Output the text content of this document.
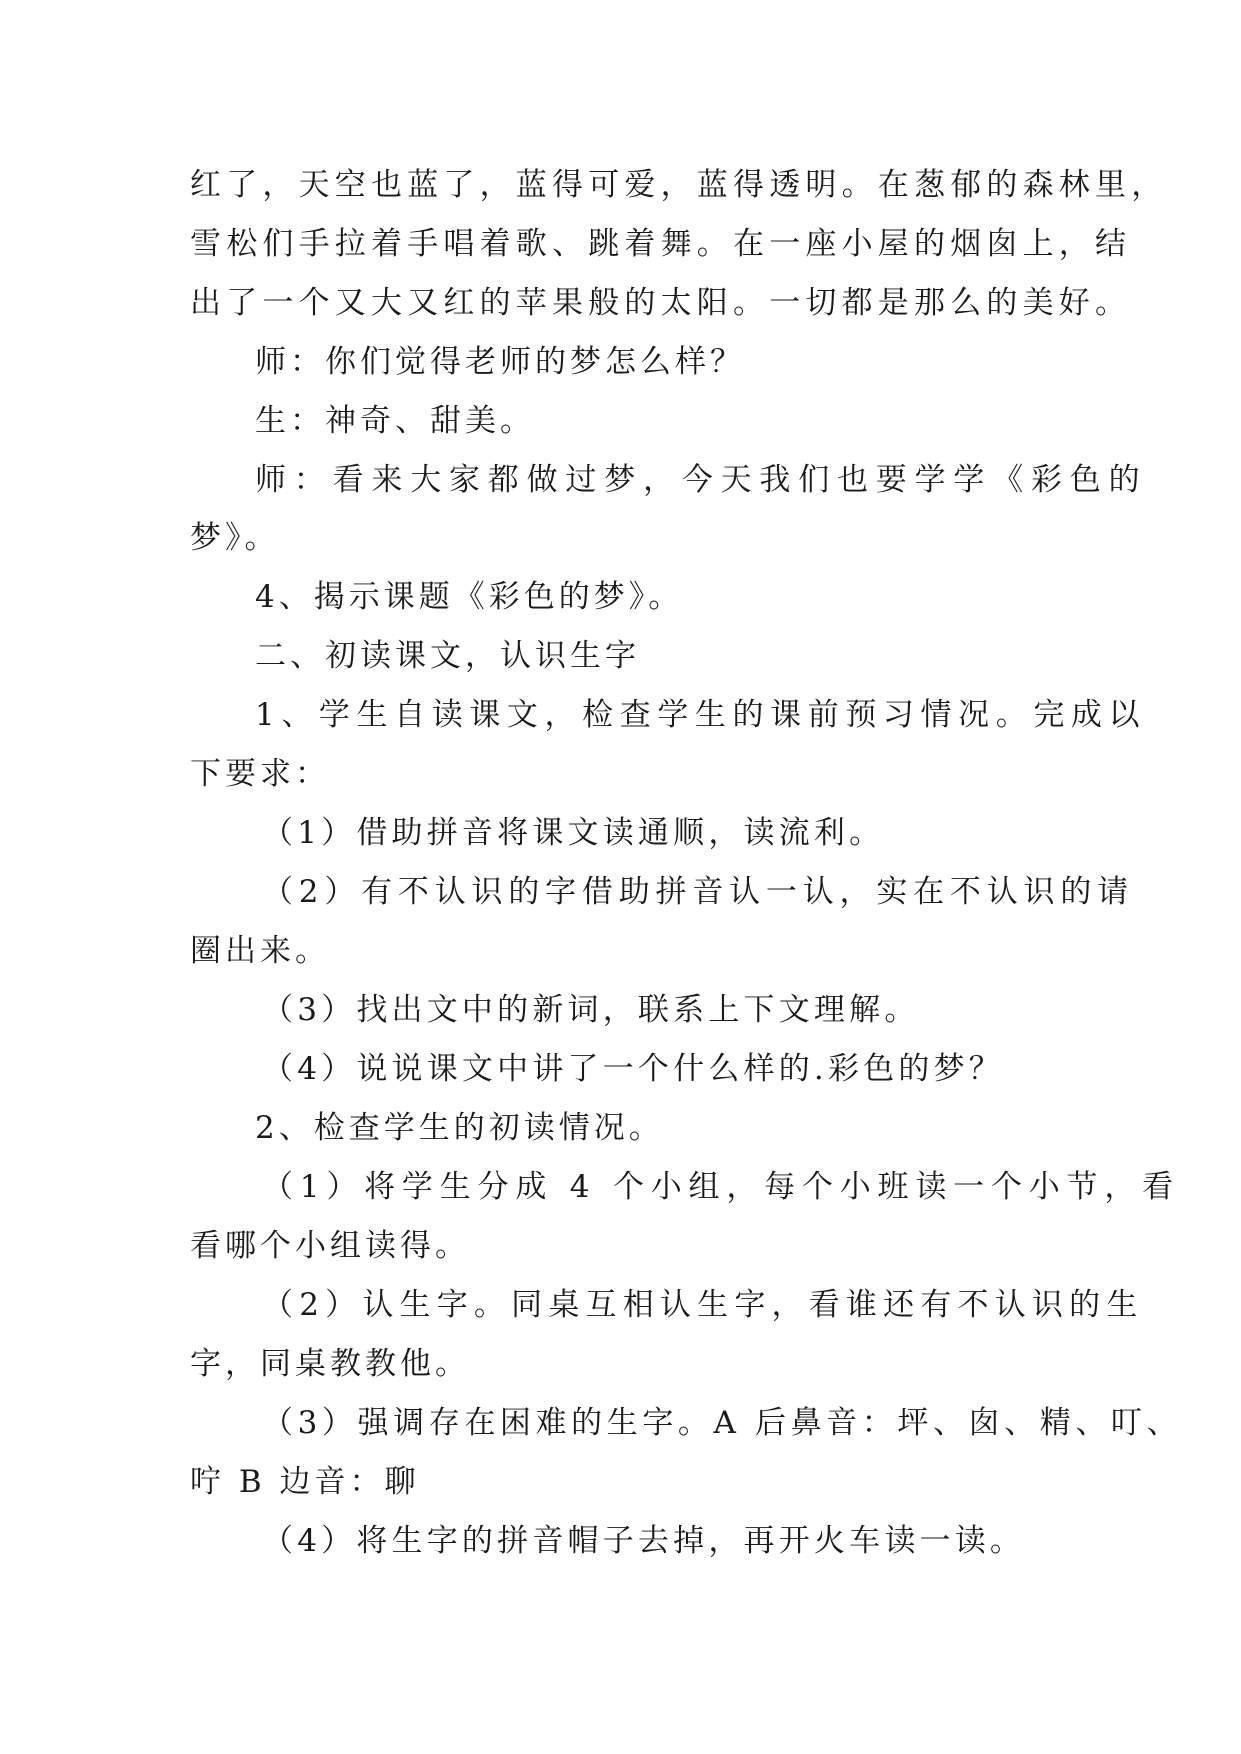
红了，天空也蓝了，蓝得可爱，蓝得透明。在葱郁的森林里，
雪松们手拉着手唱着歌、跳着舞。在一座小屋的烟囱上，结
出了一个又大又红的苹果般的太阳。一切都是那么的美好。
师：你们觉得老师的梦怎么样？
生：神奇、甜美。
师：看来大家都做过梦，今天我们也要学学《彩色的
梦》。
4、揭示课题《彩色的梦》。
二、初读课文，认识生字
1、学生自读课文，检查学生的课前预习情况。完成以
下要求：
（1）借助拼音将课文读通顺，读流利。
（2）有不认识的字借助拼音认一认，实在不认识的请
圈出来。
（3）找出文中的新词，联系上下文理解。
（4）说说课文中讲了一个什么样的.彩色的梦？
2、检查学生的初读情况。
（1）将学生分成 4 个小组，每个小班读一个小节，看
看哪个小组读得。
（2）认生字。同桌互相认生字，看谁还有不认识的生
字，同桌教教他。
（3）强调存在困难的生字。A 后鼻音：坪、囱、精、叮、
咛 B 边音：聊
（4）将生字的拼音帽子去掉，再开火车读一读。
